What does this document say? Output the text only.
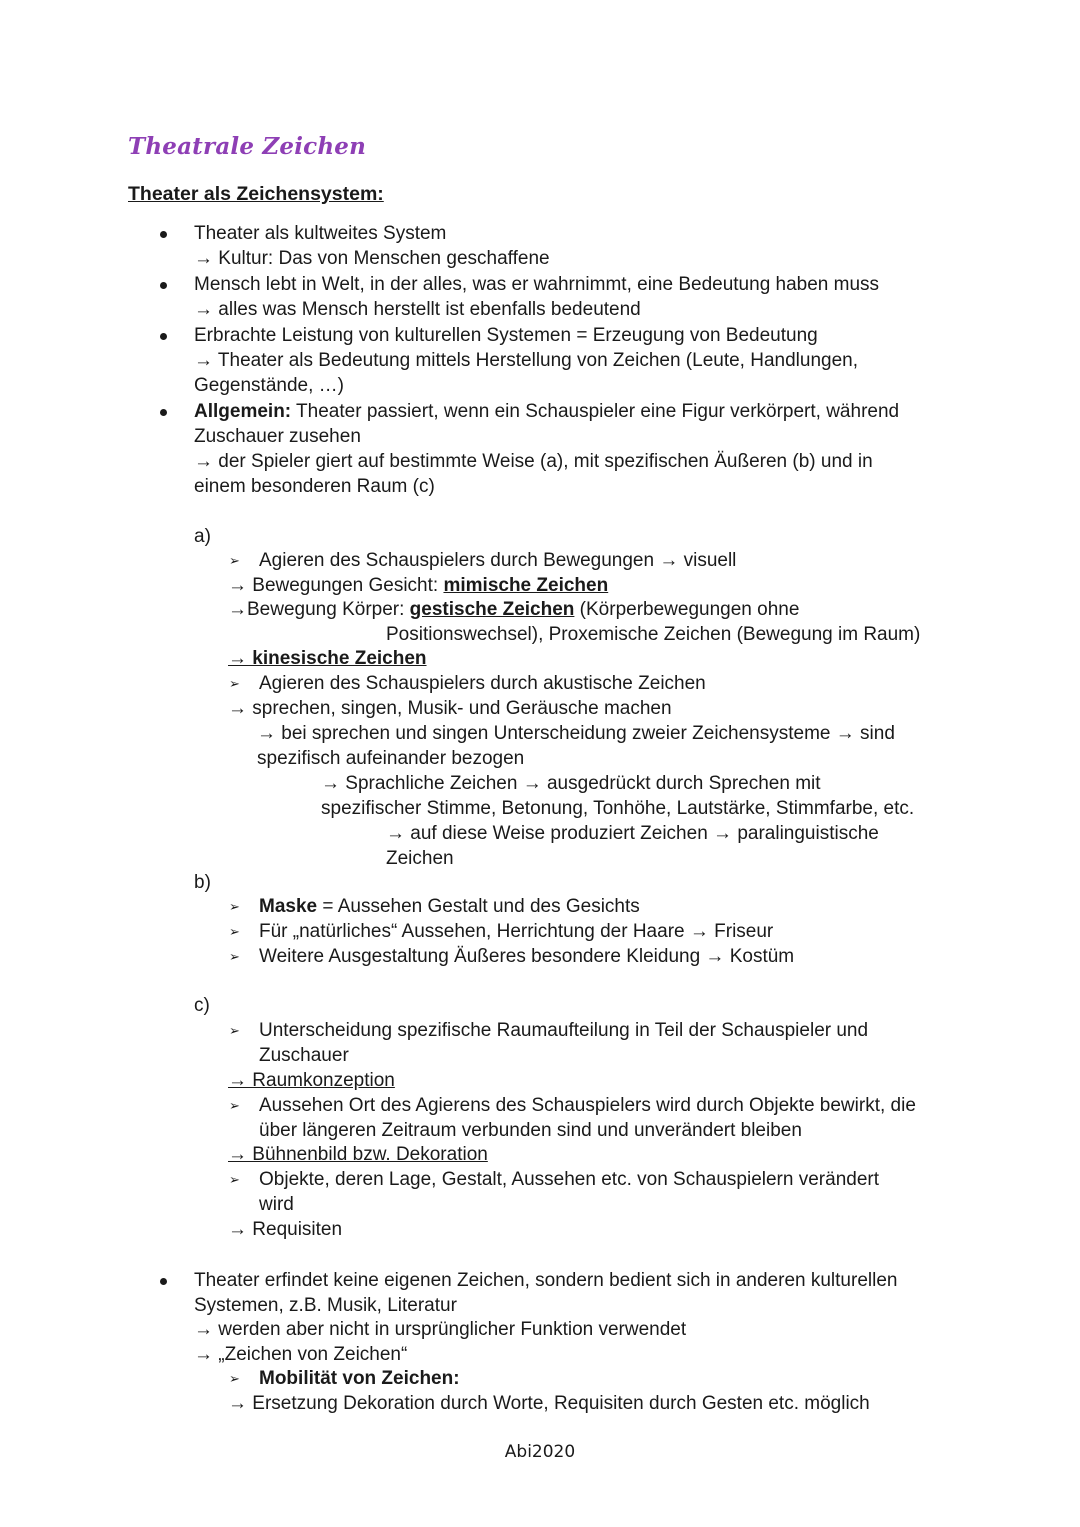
Theatrale Zeichen
Theater als Zeichensystem:
Theater als kultweites System
→ Kultur: Das von Menschen geschaffene
Mensch lebt in Welt, in der alles, was er wahrnimmt, eine Bedeutung haben muss
→ alles was Mensch herstellt ist ebenfalls bedeutend
Erbrachte Leistung von kulturellen Systemen = Erzeugung von Bedeutung
→ Theater als Bedeutung mittels Herstellung von Zeichen (Leute, Handlungen,
Gegenstände, …)
Allgemein: Theater passiert, wenn ein Schauspieler eine Figur verkörpert, während
Zuschauer zusehen
→ der Spieler giert auf bestimmte Weise (a), mit spezifischen Äußeren (b) und in
einem besonderen Raum (c)
a)
➢ Agieren des Schauspielers durch Bewegungen → visuell
→ Bewegungen Gesicht: mimische Zeichen
→Bewegung Körper: gestische Zeichen (Körperbewegungen ohne
Positionswechsel), Proxemische Zeichen (Bewegung im Raum)
→ kinesische Zeichen
➢ Agieren des Schauspielers durch akustische Zeichen
→ sprechen, singen, Musik- und Geräusche machen
→ bei sprechen und singen Unterscheidung zweier Zeichensysteme → sind
spezifisch aufeinander bezogen
→ Sprachliche Zeichen → ausgedrückt durch Sprechen mit
spezifischer Stimme, Betonung, Tonhöhe, Lautstärke, Stimmfarbe, etc.
→ auf diese Weise produziert Zeichen → paralinguistische
Zeichen
b)
➢ Maske = Aussehen Gestalt und des Gesichts
➢ Für „natürliches“ Aussehen, Herrichtung der Haare → Friseur
➢ Weitere Ausgestaltung Äußeres besondere Kleidung → Kostüm
c)
➢ Unterscheidung spezifische Raumaufteilung in Teil der Schauspieler und
Zuschauer
→ Raumkonzeption
➢ Aussehen Ort des Agierens des Schauspielers wird durch Objekte bewirkt, die
über längeren Zeitraum verbunden sind und unverändert bleiben
→ Bühnenbild bzw. Dekoration
➢ Objekte, deren Lage, Gestalt, Aussehen etc. von Schauspielern verändert
wird
→ Requisiten
Theater erfindet keine eigenen Zeichen, sondern bedient sich in anderen kulturellen
Systemen, z.B. Musik, Literatur
→ werden aber nicht in ursprünglicher Funktion verwendet
→ „Zeichen von Zeichen“
➢ Mobilität von Zeichen:
→ Ersetzung Dekoration durch Worte, Requisiten durch Gesten etc. möglich
Abi2020
